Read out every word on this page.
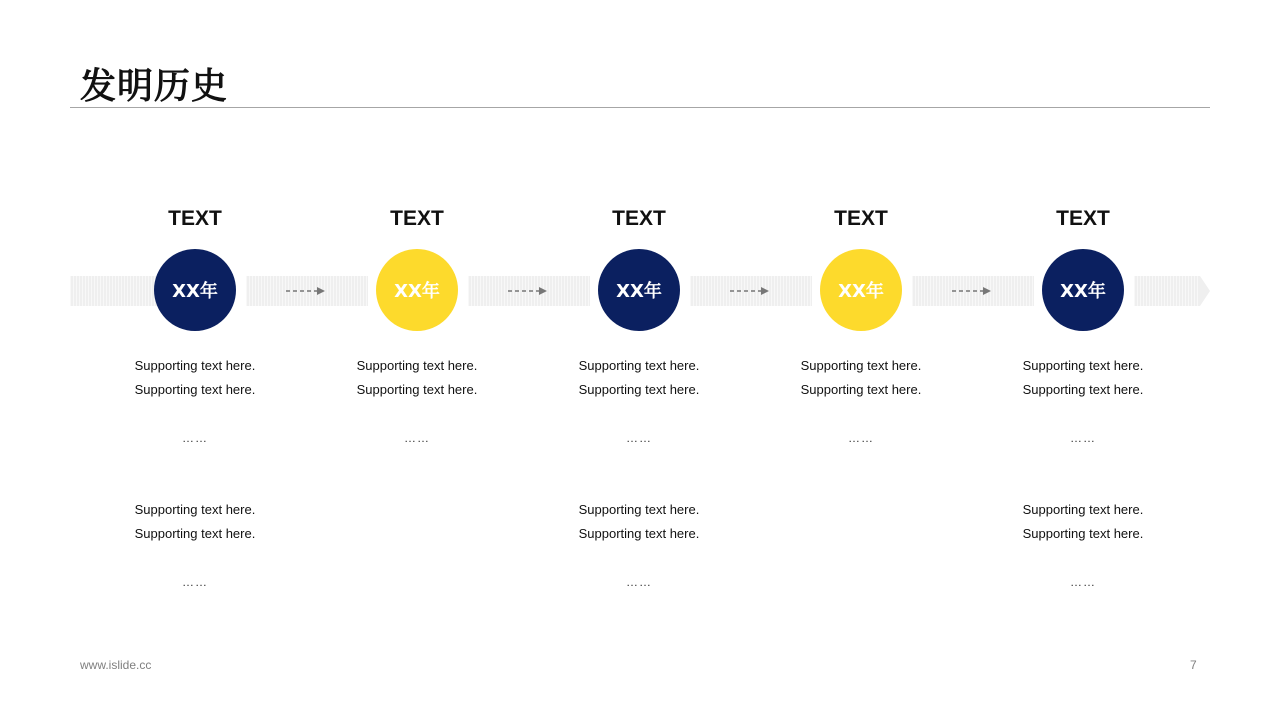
发明历史
TEXT
XX年
Supporting text here.
Supporting text here.
……
Supporting text here.
Supporting text here.
……
TEXT
XX年
Supporting text here.
Supporting text here.
……
TEXT
XX年
Supporting text here.
Supporting text here.
……
Supporting text here.
Supporting text here.
……
TEXT
XX年
Supporting text here.
Supporting text here.
……
TEXT
XX年
Supporting text here.
Supporting text here.
……
Supporting text here.
Supporting text here.
……
www.islide.cc	7
